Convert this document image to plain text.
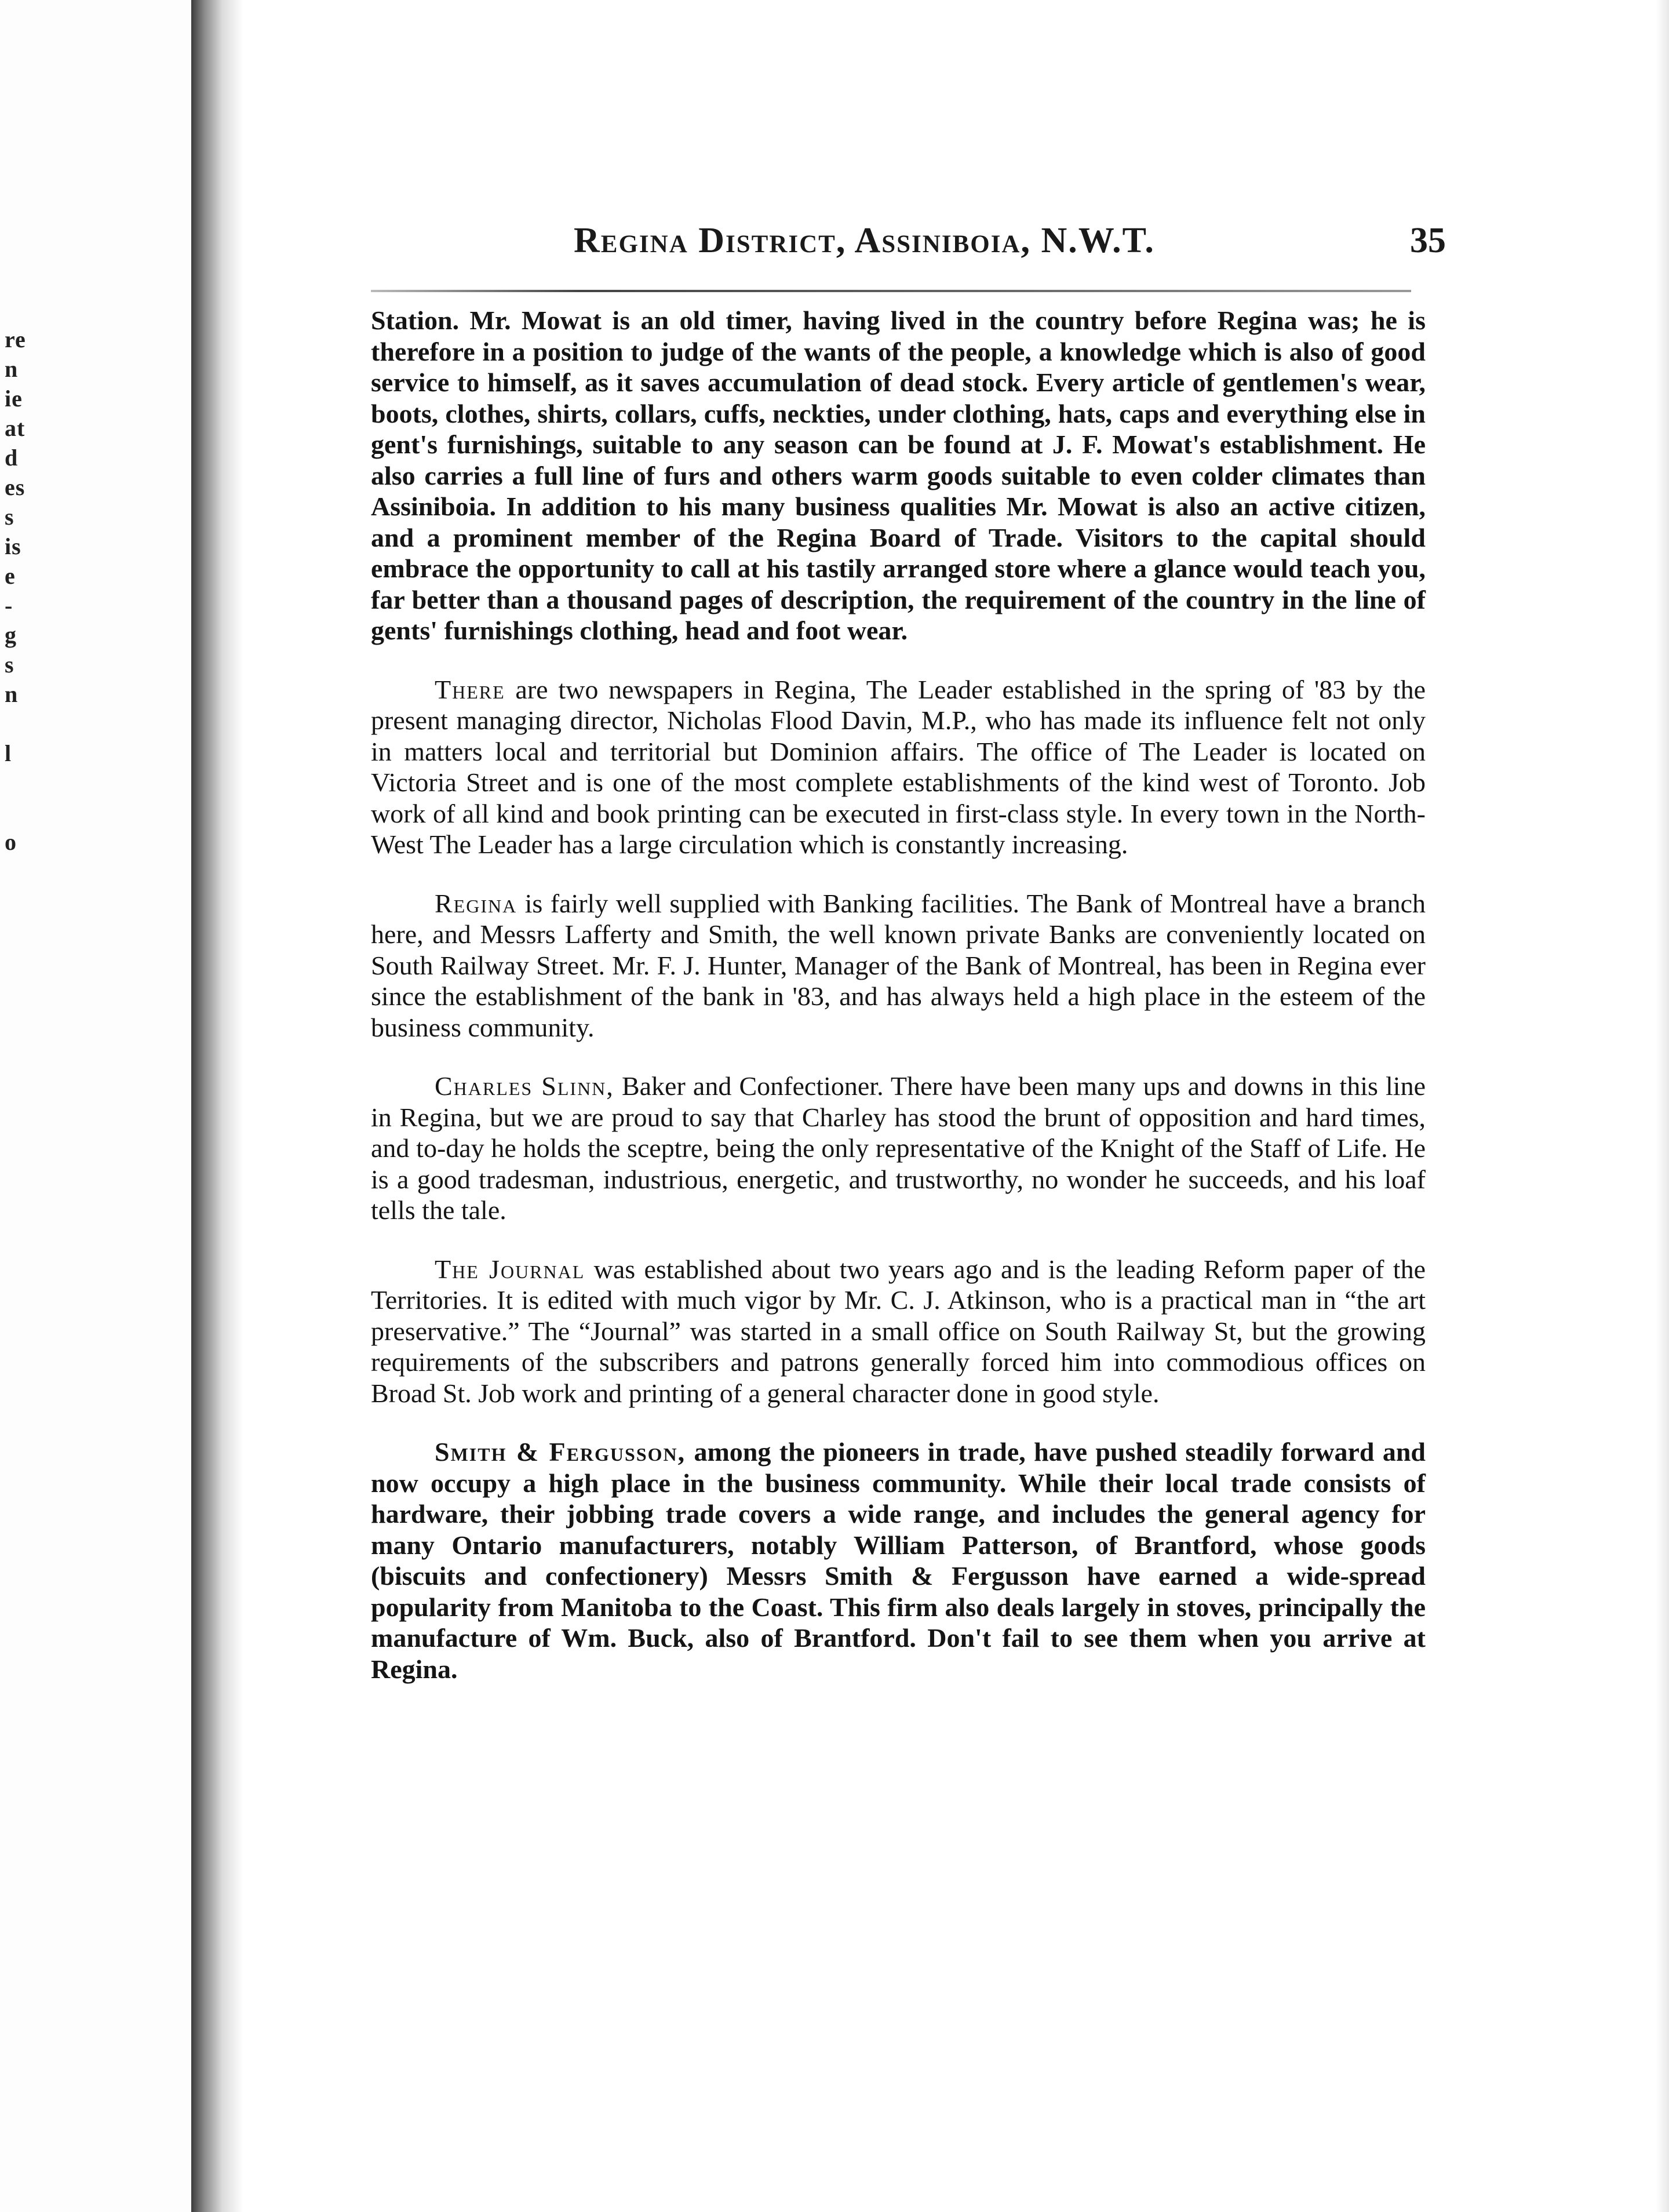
re
n
ie
at
d
es
s
is
e
-
g
s
n

l

o
Regina District, Assiniboia, N.W.T.	35

Station. Mr. Mowat is an old timer, having lived in the country before Regina was; he is therefore in a position to judge of the wants of the people, a knowledge which is also of good service to himself, as it saves accumulation of dead stock. Every article of gentlemen's wear, boots, clothes, shirts, collars, cuffs, neckties, under clothing, hats, caps and everything else in gent's furnishings, suitable to any season can be found at J. F. Mowat's establishment. He also carries a full line of furs and others warm goods suitable to even colder climates than Assiniboia. In addition to his many business qualities Mr. Mowat is also an active citizen, and a prominent member of the Regina Board of Trade. Visitors to the capital should embrace the opportunity to call at his tastily arranged store where a glance would teach you, far better than a thousand pages of description, the requirement of the country in the line of gents' furnishings clothing, head and foot wear.

There are two newspapers in Regina, The Leader established in the spring of '83 by the present managing director, Nicholas Flood Davin, M.P., who has made its influence felt not only in matters local and territorial but Dominion affairs. The office of The Leader is located on Victoria Street and is one of the most complete establishments of the kind west of Toronto. Job work of all kind and book printing can be executed in first-class style. In every town in the North-West The Leader has a large circulation which is constantly increasing.

Regina is fairly well supplied with Banking facilities. The Bank of Montreal have a branch here, and Messrs Lafferty and Smith, the well known private Banks are conveniently located on South Railway Street. Mr. F. J. Hunter, Manager of the Bank of Montreal, has been in Regina ever since the establishment of the bank in '83, and has always held a high place in the esteem of the business community.

Charles Slinn, Baker and Confectioner. There have been many ups and downs in this line in Regina, but we are proud to say that Charley has stood the brunt of opposition and hard times, and to-day he holds the sceptre, being the only representative of the Knight of the Staff of Life. He is a good tradesman, industrious, energetic, and trustworthy, no wonder he succeeds, and his loaf tells the tale.

The Journal was established about two years ago and is the leading Reform paper of the Territories. It is edited with much vigor by Mr. C. J. Atkinson, who is a practical man in “the art preservative.” The “Journal” was started in a small office on South Railway St, but the growing requirements of the subscribers and patrons generally forced him into commodious offices on Broad St. Job work and printing of a general character done in good style.

Smith & Fergusson, among the pioneers in trade, have pushed steadily forward and now occupy a high place in the business community. While their local trade consists of hardware, their jobbing trade covers a wide range, and includes the general agency for many Ontario manufacturers, notably William Patterson, of Brantford, whose goods (biscuits and confectionery) Messrs Smith & Fergusson have earned a wide-spread popularity from Manitoba to the Coast. This firm also deals largely in stoves, principally the manufacture of Wm. Buck, also of Brantford. Don't fail to see them when you arrive at Regina.
